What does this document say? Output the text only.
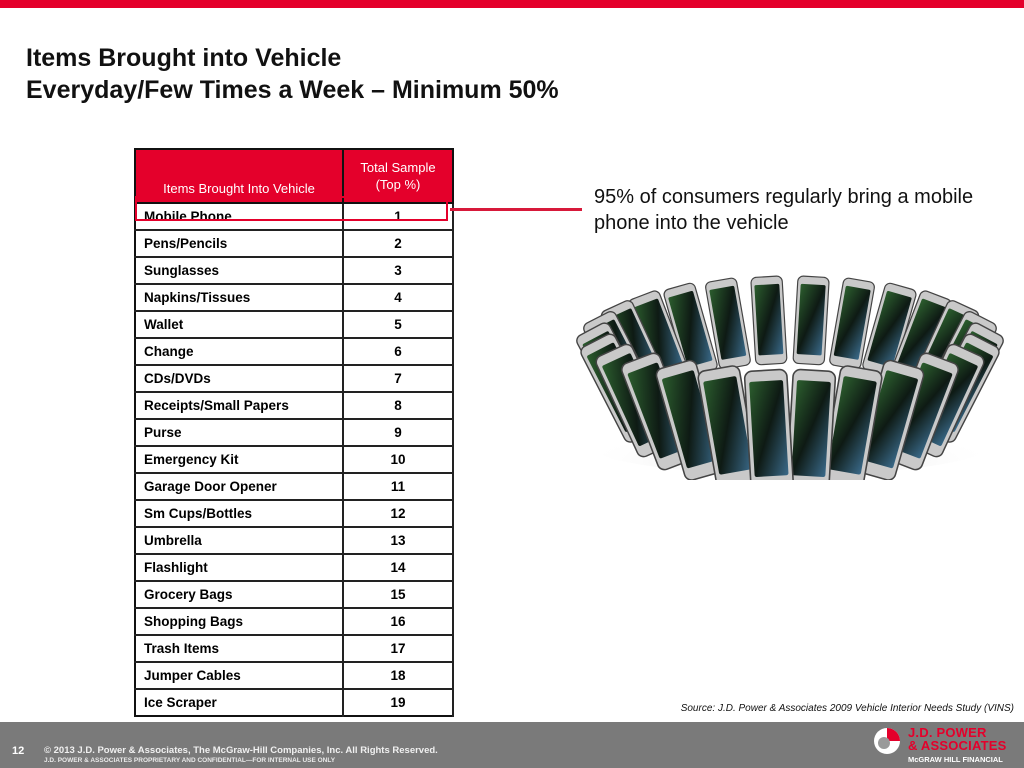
Items Brought into Vehicle
Everyday/Few Times a Week – Minimum 50%
Items Brought Into Vehicle	Total Sample
(Top %)

Mobile Phone	1
Pens/Pencils	2
Sunglasses	3
Napkins/Tissues	4
Wallet	5
Change	6
CDs/DVDs	7
Receipts/Small Papers	8
Purse	9
Emergency Kit	10
Garage Door Opener	11
Sm Cups/Bottles	12
Umbrella	13
Flashlight	14
Grocery Bags	15
Shopping Bags	16
Trash Items	17
Jumper Cables	18
Ice Scraper	19
95% of consumers regularly bring a mobile phone into the vehicle
Source: J.D. Power & Associates 2009 Vehicle Interior Needs Study (VINS)
12 © 2013 J.D. Power & Associates, The McGraw-Hill Companies, Inc. All Rights Reserved.
J.D. POWER & ASSOCIATES PROPRIETARY AND CONFIDENTIAL—FOR INTERNAL USE ONLY
J.D. POWER
& ASSOCIATES
McGRAW HILL FINANCIAL
